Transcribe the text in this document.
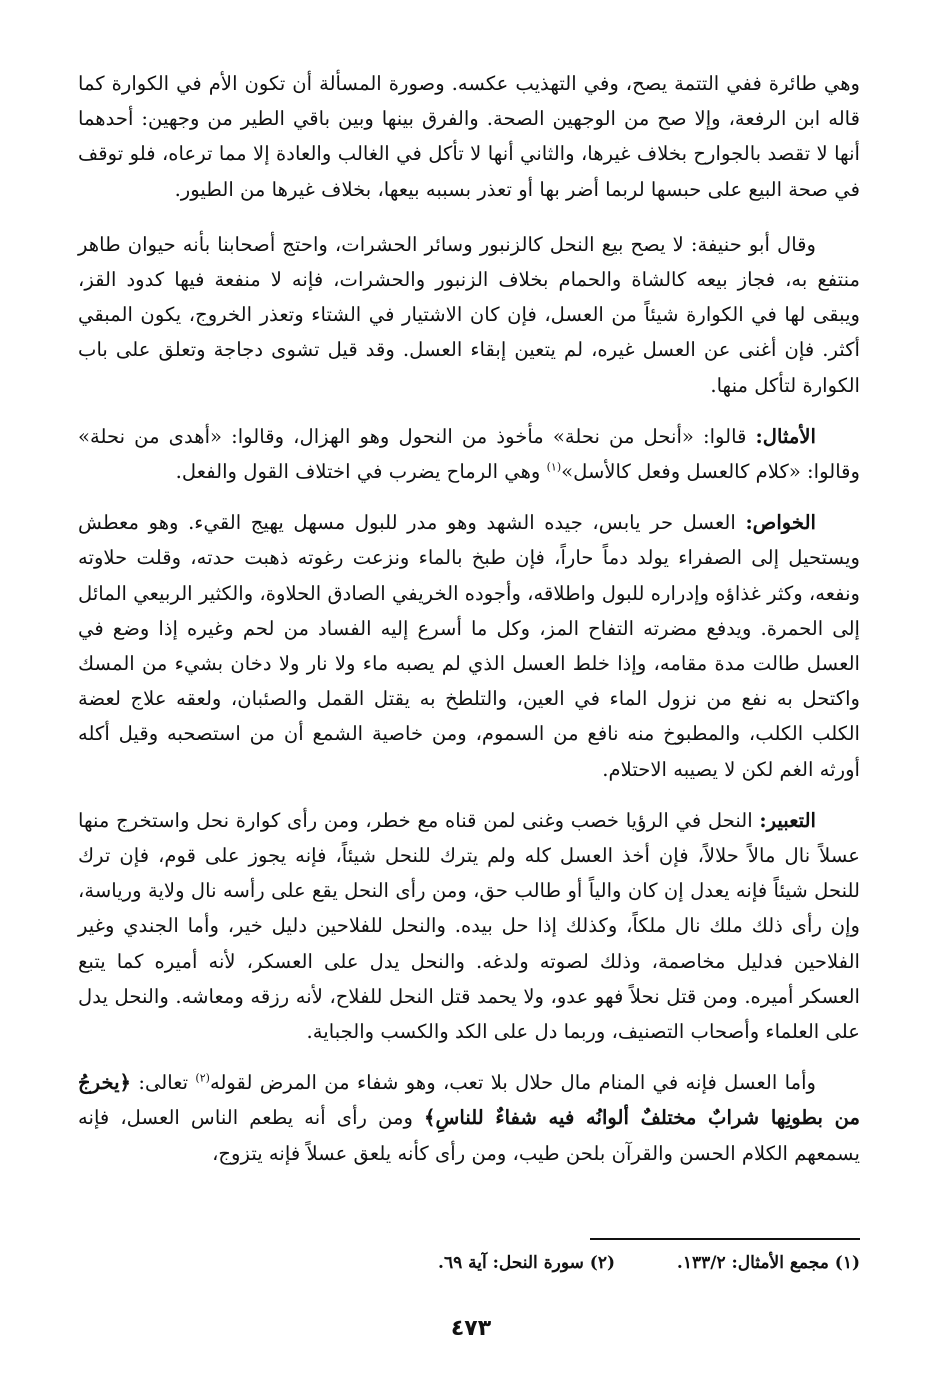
وهي طائرة ففي التتمة يصح، وفي التهذيب عكسه. وصورة المسألة أن تكون الأم في الكوارة كما قاله ابن الرفعة، وإلا صح من الوجهين الصحة. والفرق بينها وبين باقي الطير من وجهين: أحدهما أنها لا تقصد بالجوارح بخلاف غيرها، والثاني أنها لا تأكل في الغالب والعادة إلا مما ترعاه، فلو توقف في صحة البيع على حبسها لربما أضر بها أو تعذر بسببه بيعها، بخلاف غيرها من الطيور.

وقال أبو حنيفة: لا يصح بيع النحل كالزنبور وسائر الحشرات، واحتج أصحابنا بأنه حيوان طاهر منتفع به، فجاز بيعه كالشاة والحمام بخلاف الزنبور والحشرات، فإنه لا منفعة فيها كدود القز، ويبقى لها في الكوارة شيئاً من العسل، فإن كان الاشتيار في الشتاء وتعذر الخروج، يكون المبقي أكثر. فإن أغنى عن العسل غيره، لم يتعين إبقاء العسل. وقد قيل تشوى دجاجة وتعلق على باب الكوارة لتأكل منها.

الأمثال: قالوا: «أنحل من نحلة» مأخوذ من النحول وهو الهزال، وقالوا: «أهدى من نحلة» وقالوا: «كلام كالعسل وفعل كالأسل»$^{(١)}$ وهي الرماح يضرب في اختلاف القول والفعل.

الخواص: العسل حر يابس، جيده الشهد وهو مدر للبول مسهل يهيج القيء. وهو معطش ويستحيل إلى الصفراء يولد دماً حاراً، فإن طبخ بالماء ونزعت رغوته ذهبت حدته، وقلت حلاوته ونفعه، وكثر غذاؤه وإدراره للبول واطلاقه، وأجوده الخريفي الصادق الحلاوة، والكثير الربيعي المائل إلى الحمرة. ويدفع مضرته التفاح المز، وكل ما أسرع إليه الفساد من لحم وغيره إذا وضع في العسل طالت مدة مقامه، وإذا خلط العسل الذي لم يصبه ماء ولا نار ولا دخان بشيء من المسك واكتحل به نفع من نزول الماء في العين، والتلطخ به يقتل القمل والصئبان، ولعقه علاج لعضة الكلب الكلب، والمطبوخ منه نافع من السموم، ومن خاصية الشمع أن من استصحبه وقيل أكله أورثه الغم لكن لا يصيبه الاحتلام.

التعبير: النحل في الرؤيا خصب وغنى لمن قناه مع خطر، ومن رأى كوارة نحل واستخرج منها عسلاً نال مالاً حلالاً، فإن أخذ العسل كله ولم يترك للنحل شيئاً، فإنه يجوز على قوم، فإن ترك للنحل شيئاً فإنه يعدل إن كان والياً أو طالب حق، ومن رأى النحل يقع على رأسه نال ولاية ورياسة، وإن رأى ذلك ملك نال ملكاً، وكذلك إذا حل بيده. والنحل للفلاحين دليل خير، وأما الجندي وغير الفلاحين فدليل مخاصمة، وذلك لصوته ولدغه. والنحل يدل على العسكر، لأنه أميره كما يتبع العسكر أميره. ومن قتل نحلاً فهو عدو، ولا يحمد قتل النحل للفلاح، لأنه رزقه ومعاشه. والنحل يدل على العلماء وأصحاب التصنيف، وربما دل على الكد والكسب والجباية.

وأما العسل فإنه في المنام مال حلال بلا تعب، وهو شفاء من المرض لقوله$^{(٢)}$ تعالى: ﴿يخرجُ من بطونِها شرابٌ مختلفٌ ألوانُه فيه شفاءٌ للناسِ﴾ ومن رأى أنه يطعم الناس العسل، فإنه يسمعهم الكلام الحسن والقرآن بلحن طيب، ومن رأى كأنه يلعق عسلاً فإنه يتزوج،

(١) مجمع الأمثال: ١٣٣/٢. (٢) سورة النحل: آية ٦٩.
٤٧٣
